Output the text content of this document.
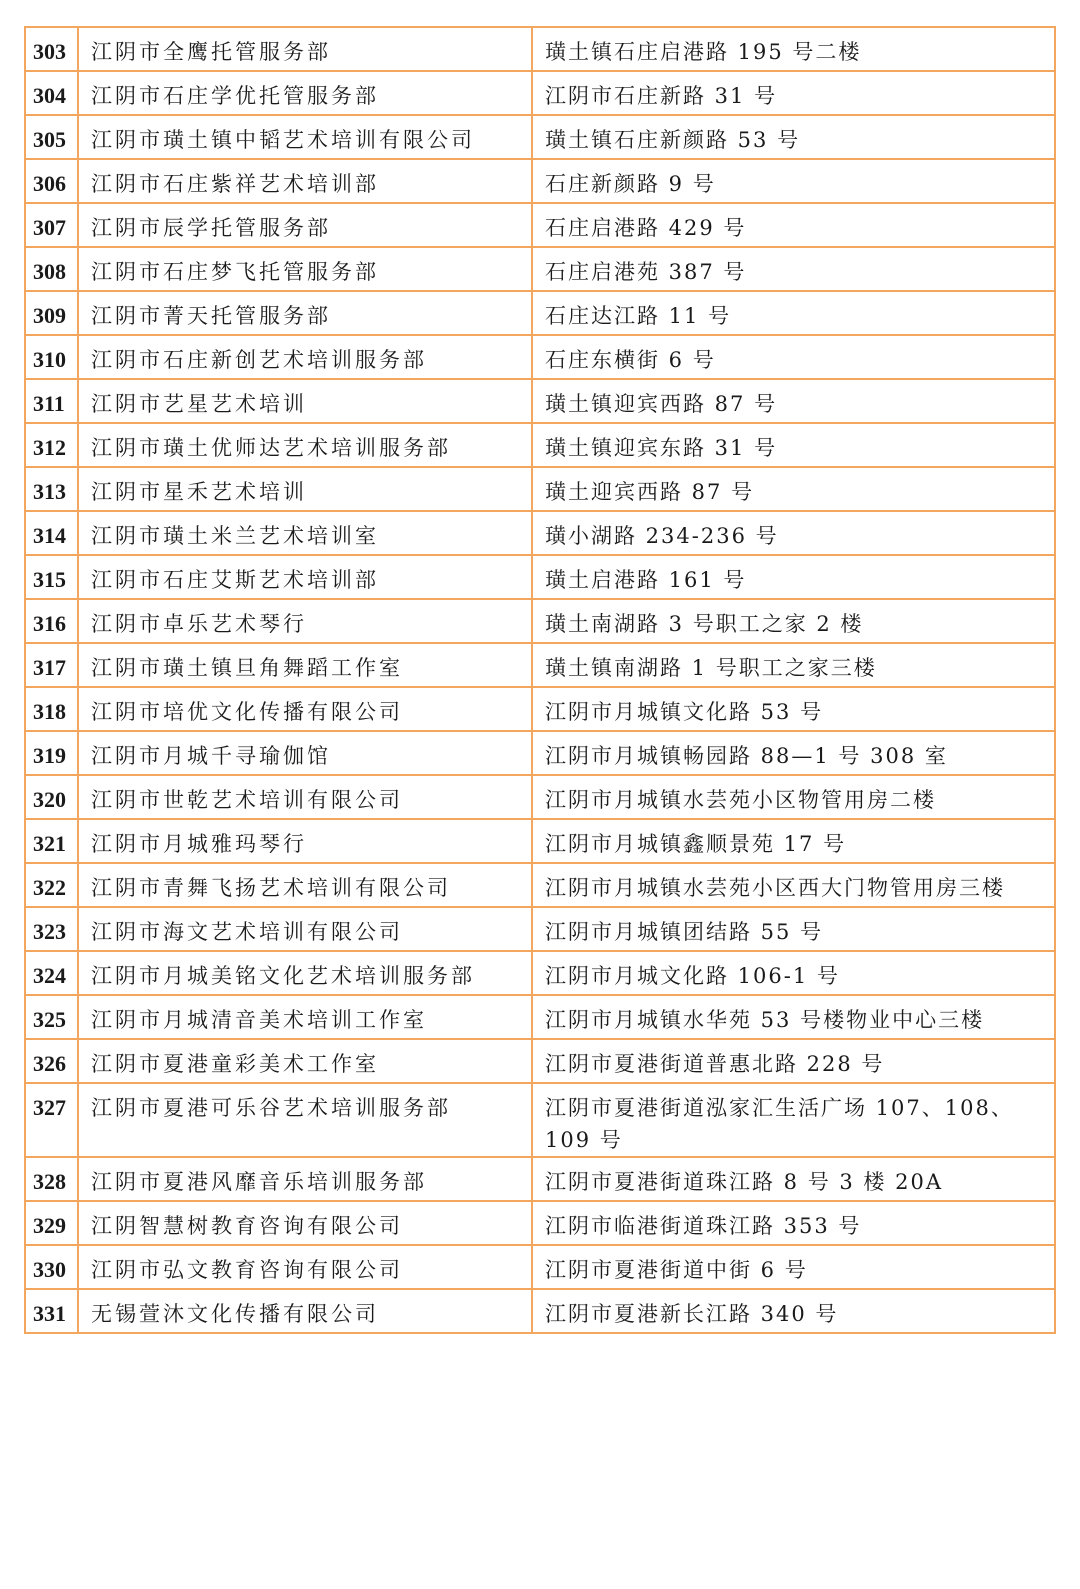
303	江阴市全鹰托管服务部	璜土镇石庄启港路 195 号二楼
304	江阴市石庄学优托管服务部	江阴市石庄新路 31 号
305	江阴市璜土镇中韬艺术培训有限公司	璜土镇石庄新颜路 53 号
306	江阴市石庄紫祥艺术培训部	石庄新颜路 9 号
307	江阴市辰学托管服务部	石庄启港路 429 号
308	江阴市石庄梦飞托管服务部	石庄启港苑 387 号
309	江阴市菁天托管服务部	石庄达江路 11 号
310	江阴市石庄新创艺术培训服务部	石庄东横街 6 号
311	江阴市艺星艺术培训	璜土镇迎宾西路 87 号
312	江阴市璜土优师达艺术培训服务部	璜土镇迎宾东路 31 号
313	江阴市星禾艺术培训	璜土迎宾西路 87 号
314	江阴市璜土米兰艺术培训室	璜小湖路 234-236 号
315	江阴市石庄艾斯艺术培训部	璜土启港路 161 号
316	江阴市卓乐艺术琴行	璜土南湖路 3 号职工之家 2 楼
317	江阴市璜土镇旦角舞蹈工作室	璜土镇南湖路 1 号职工之家三楼
318	江阴市培优文化传播有限公司	江阴市月城镇文化路 53 号
319	江阴市月城千寻瑜伽馆	江阴市月城镇畅园路 88—1 号 308 室
320	江阴市世乾艺术培训有限公司	江阴市月城镇水芸苑小区物管用房二楼
321	江阴市月城雅玛琴行	江阴市月城镇鑫顺景苑 17 号
322	江阴市青舞飞扬艺术培训有限公司	江阴市月城镇水芸苑小区西大门物管用房三楼
323	江阴市海文艺术培训有限公司	江阴市月城镇团结路 55 号
324	江阴市月城美铭文化艺术培训服务部	江阴市月城文化路 106-1 号
325	江阴市月城清音美术培训工作室	江阴市月城镇水华苑 53 号楼物业中心三楼
326	江阴市夏港童彩美术工作室	江阴市夏港街道普惠北路 228 号
327	江阴市夏港可乐谷艺术培训服务部	江阴市夏港街道泓家汇生活广场 107、108、109 号
328	江阴市夏港风靡音乐培训服务部	江阴市夏港街道珠江路 8 号 3 楼 20A
329	江阴智慧树教育咨询有限公司	江阴市临港街道珠江路 353 号
330	江阴市弘文教育咨询有限公司	江阴市夏港街道中街 6 号
331	无锡萱沐文化传播有限公司	江阴市夏港新长江路 340 号
